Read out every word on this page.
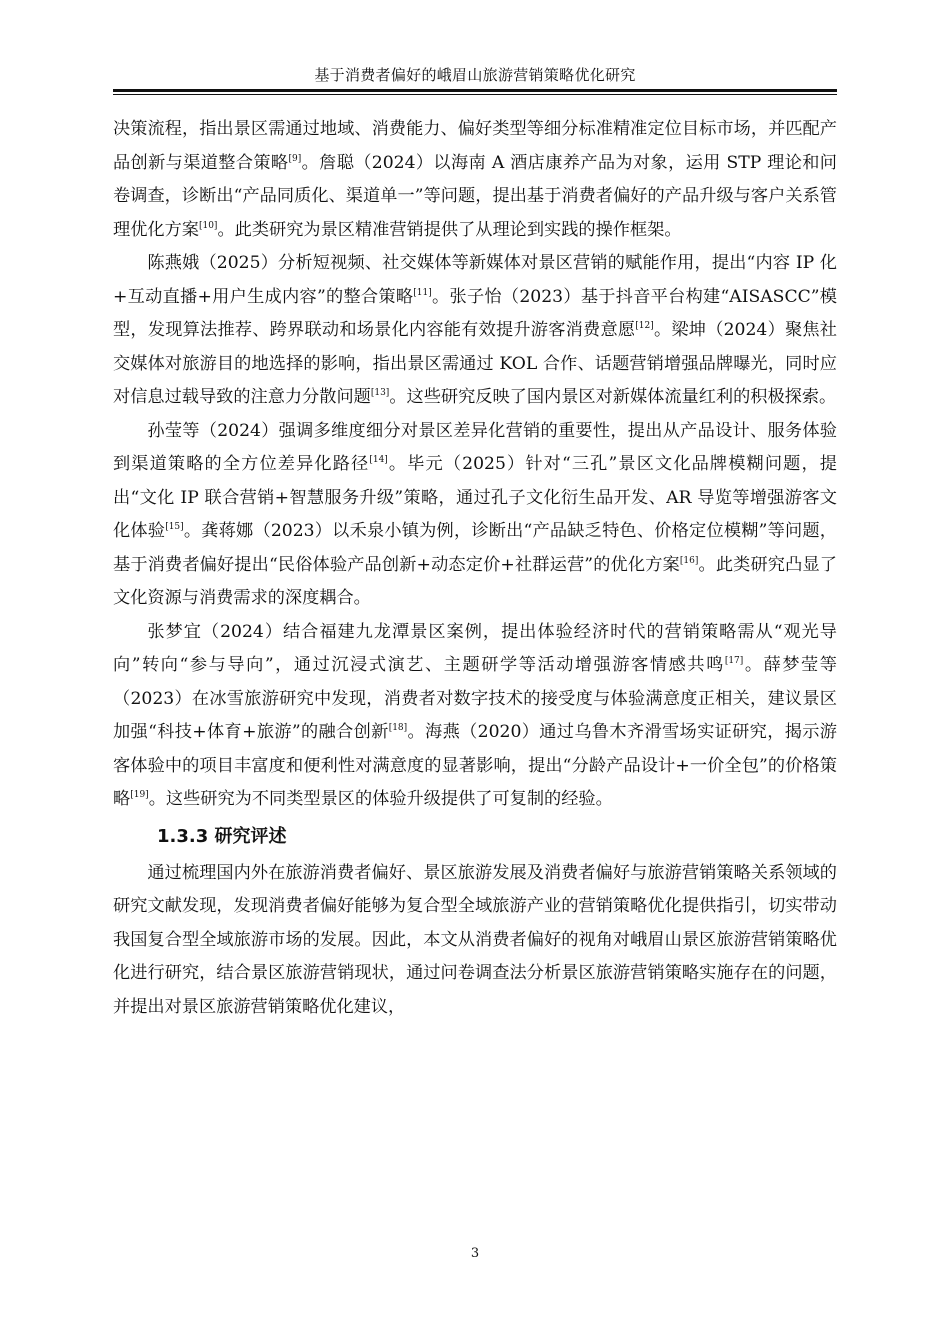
基于消费者偏好的峨眉山旅游营销策略优化研究

决策流程，指出景区需通过地域、消费能力、偏好类型等细分标准精准定位目标市场，并匹配产品创新与渠道整合策略[9]。詹聪（2024）以海南 A 酒店康养产品为对象，运用 STP 理论和问卷调查，诊断出“产品同质化、渠道单一”等问题，提出基于消费者偏好的产品升级与客户关系管理优化方案[10]。此类研究为景区精准营销提供了从理论到实践的操作框架。

陈燕娥（2025）分析短视频、社交媒体等新媒体对景区营销的赋能作用，提出“内容 IP 化+互动直播+用户生成内容”的整合策略[11]。张子怡（2023）基于抖音平台构建“AISASCC”模型，发现算法推荐、跨界联动和场景化内容能有效提升游客消费意愿[12]。梁坤（2024）聚焦社交媒体对旅游目的地选择的影响，指出景区需通过 KOL 合作、话题营销增强品牌曝光，同时应对信息过载导致的注意力分散问题[13]。这些研究反映了国内景区对新媒体流量红利的积极探索。

孙莹等（2024）强调多维度细分对景区差异化营销的重要性，提出从产品设计、服务体验到渠道策略的全方位差异化路径[14]。毕元（2025）针对“三孔”景区文化品牌模糊问题，提出“文化 IP 联合营销+智慧服务升级”策略，通过孔子文化衍生品开发、AR 导览等增强游客文化体验[15]。龚蒋娜（2023）以禾泉小镇为例，诊断出“产品缺乏特色、价格定位模糊”等问题，基于消费者偏好提出“民俗体验产品创新+动态定价+社群运营”的优化方案[16]。此类研究凸显了文化资源与消费需求的深度耦合。

张梦宜（2024）结合福建九龙潭景区案例，提出体验经济时代的营销策略需从“观光导向”转向“参与导向”，通过沉浸式演艺、主题研学等活动增强游客情感共鸣[17]。薛梦莹等（2023）在冰雪旅游研究中发现，消费者对数字技术的接受度与体验满意度正相关，建议景区加强“科技+体育+旅游”的融合创新[18]。海燕（2020）通过乌鲁木齐滑雪场实证研究，揭示游客体验中的项目丰富度和便利性对满意度的显著影响，提出“分龄产品设计+一价全包”的价格策略[19]。这些研究为不同类型景区的体验升级提供了可复制的经验。

1.3.3 研究评述

通过梳理国内外在旅游消费者偏好、景区旅游发展及消费者偏好与旅游营销策略关系领域的研究文献发现，发现消费者偏好能够为复合型全域旅游产业的营销策略优化提供指引，切实带动我国复合型全域旅游市场的发展。因此，本文从消费者偏好的视角对峨眉山景区旅游营销策略优化进行研究，结合景区旅游营销现状，通过问卷调查法分析景区旅游营销策略实施存在的问题，并提出对景区旅游营销策略优化建议，

3
